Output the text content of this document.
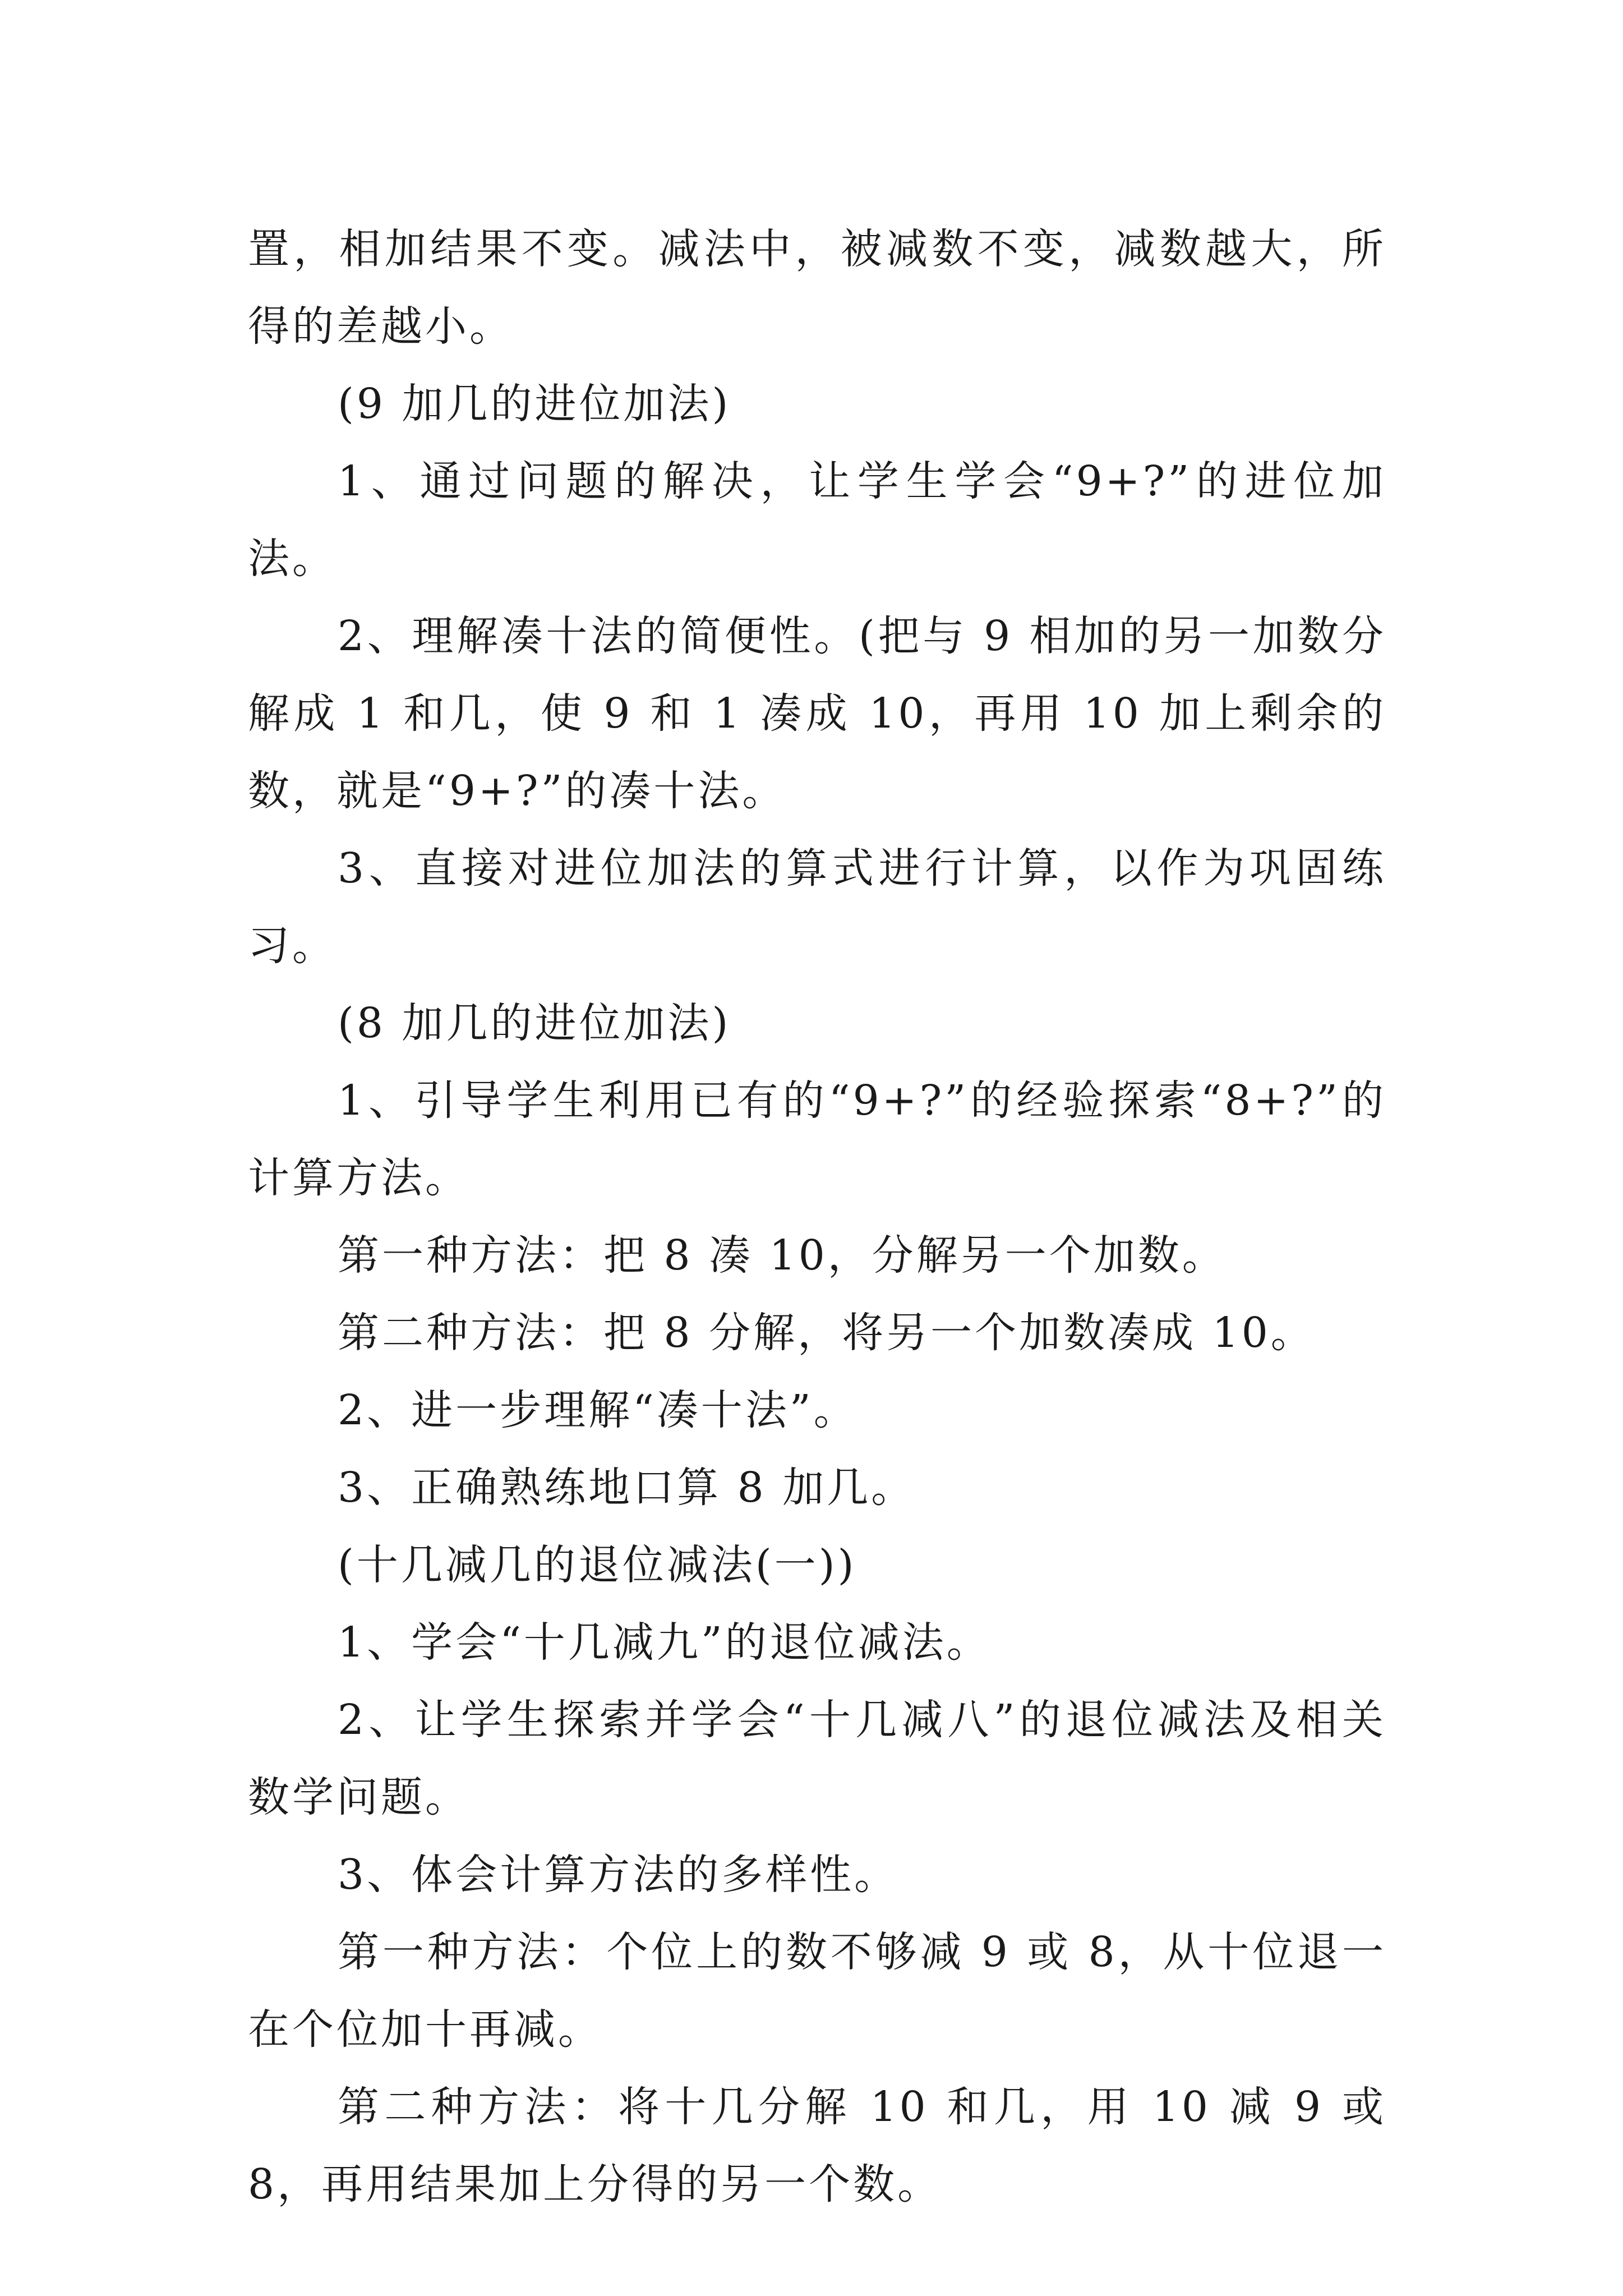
置，相加结果不变。减法中，被减数不变，减数越大，所得的差越小。

(9 加几的进位加法)

1、通过问题的解决，让学生学会“9+?”的进位加法。

2、理解凑十法的简便性。(把与 9 相加的另一加数分解成 1 和几，使 9 和 1 凑成 10，再用 10 加上剩余的数，就是“9+?”的凑十法。

3、直接对进位加法的算式进行计算，以作为巩固练习。

(8 加几的进位加法)

1、引导学生利用已有的“9+?”的经验探索“8+?”的计算方法。

第一种方法：把 8 凑 10，分解另一个加数。

第二种方法：把 8 分解，将另一个加数凑成 10。

2、进一步理解“凑十法”。

3、正确熟练地口算 8 加几。

(十几减几的退位减法(一))

1、学会“十几减九”的退位减法。

2、让学生探索并学会“十几减八”的退位减法及相关数学问题。

3、体会计算方法的多样性。

第一种方法：个位上的数不够减 9 或 8，从十位退一在个位加十再减。

第二种方法：将十几分解 10 和几，用 10 减 9 或 8，再用结果加上分得的另一个数。
